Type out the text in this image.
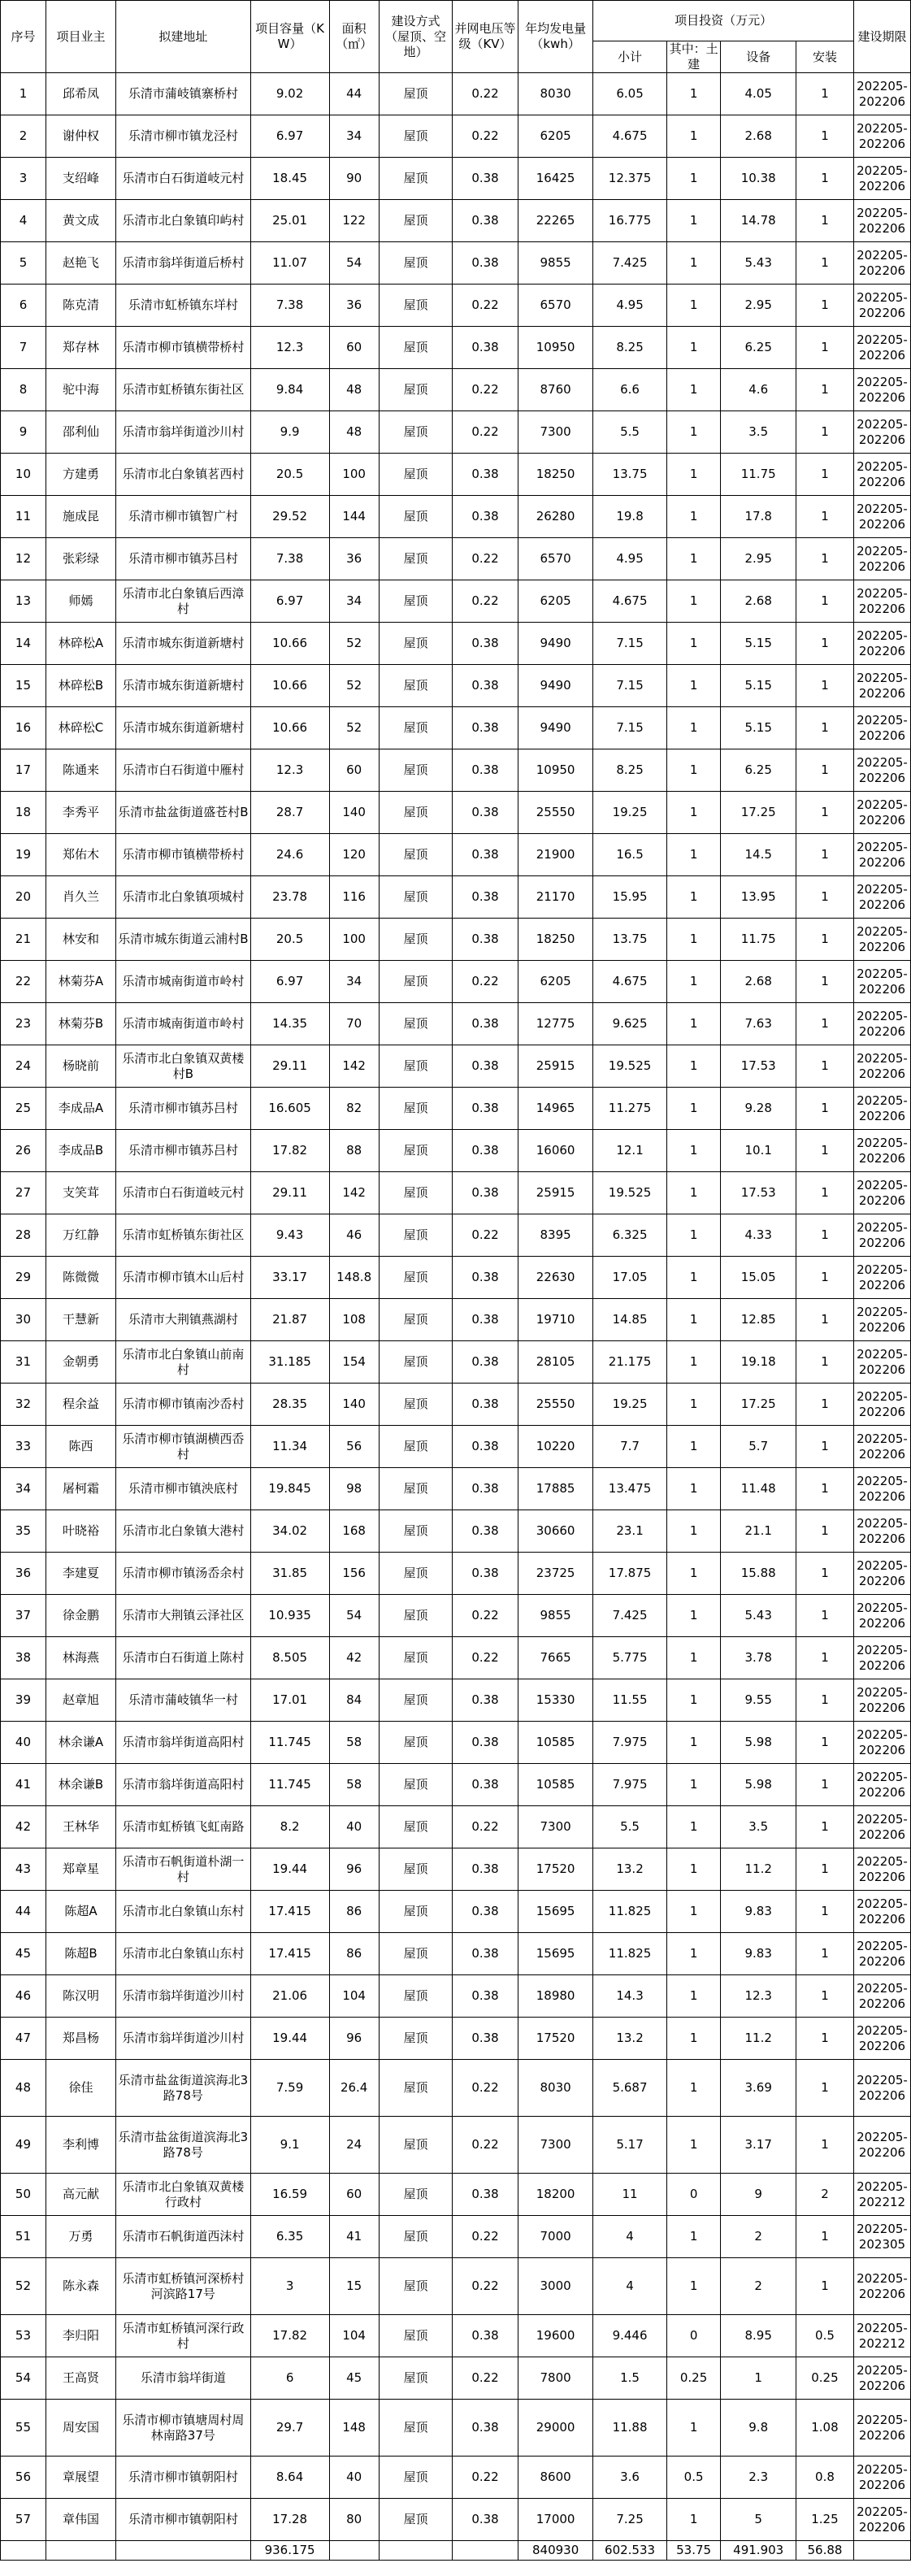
序号	项目业主	拟建地址	项目容量（KW）	面积（㎡）	建设方式（屋顶、空地）	并网电压等级（KV）	年均发电量（kwh）	项目投资（万元）				建设期限
								小计	其中：土建	设备	安装	
1	邱希凤	乐清市蒲岐镇寨桥村	9.02	44	屋顶	0.22	8030	6.05	1	4.05	1	202205-202206
2	谢仲权	乐清市柳市镇龙泾村	6.97	34	屋顶	0.22	6205	4.675	1	2.68	1	202205-202206
3	支绍峰	乐清市白石街道岐元村	18.45	90	屋顶	0.38	16425	12.375	1	10.38	1	202205-202206
4	黄文成	乐清市北白象镇印屿村	25.01	122	屋顶	0.38	22265	16.775	1	14.78	1	202205-202206
5	赵艳飞	乐清市翁垟街道后桥村	11.07	54	屋顶	0.38	9855	7.425	1	5.43	1	202205-202206
6	陈克清	乐清市虹桥镇东垟村	7.38	36	屋顶	0.22	6570	4.95	1	2.95	1	202205-202206
7	郑存林	乐清市柳市镇横带桥村	12.3	60	屋顶	0.38	10950	8.25	1	6.25	1	202205-202206
8	驼中海	乐清市虹桥镇东街社区	9.84	48	屋顶	0.22	8760	6.6	1	4.6	1	202205-202206
9	邵利仙	乐清市翁垟街道沙川村	9.9	48	屋顶	0.22	7300	5.5	1	3.5	1	202205-202206
10	方建勇	乐清市北白象镇茗西村	20.5	100	屋顶	0.38	18250	13.75	1	11.75	1	202205-202206
11	施成昆	乐清市柳市镇智广村	29.52	144	屋顶	0.38	26280	19.8	1	17.8	1	202205-202206
12	张彩绿	乐清市柳市镇苏吕村	7.38	36	屋顶	0.22	6570	4.95	1	2.95	1	202205-202206
13	师嫣	乐清市北白象镇后西漳村	6.97	34	屋顶	0.22	6205	4.675	1	2.68	1	202205-202206
14	林碎松A	乐清市城东街道新塘村	10.66	52	屋顶	0.38	9490	7.15	1	5.15	1	202205-202206
15	林碎松B	乐清市城东街道新塘村	10.66	52	屋顶	0.38	9490	7.15	1	5.15	1	202205-202206
16	林碎松C	乐清市城东街道新塘村	10.66	52	屋顶	0.38	9490	7.15	1	5.15	1	202205-202206
17	陈通来	乐清市白石街道中雁村	12.3	60	屋顶	0.38	10950	8.25	1	6.25	1	202205-202206
18	李秀平	乐清市盐盆街道盛苍村B	28.7	140	屋顶	0.38	25550	19.25	1	17.25	1	202205-202206
19	郑佑木	乐清市柳市镇横带桥村	24.6	120	屋顶	0.38	21900	16.5	1	14.5	1	202205-202206
20	肖久兰	乐清市北白象镇项城村	23.78	116	屋顶	0.38	21170	15.95	1	13.95	1	202205-202206
21	林安和	乐清市城东街道云浦村B	20.5	100	屋顶	0.38	18250	13.75	1	11.75	1	202205-202206
22	林菊芬A	乐清市城南街道市岭村	6.97	34	屋顶	0.22	6205	4.675	1	2.68	1	202205-202206
23	林菊芬B	乐清市城南街道市岭村	14.35	70	屋顶	0.38	12775	9.625	1	7.63	1	202205-202206
24	杨晓前	乐清市北白象镇双黄楼村B	29.11	142	屋顶	0.38	25915	19.525	1	17.53	1	202205-202206
25	李成品A	乐清市柳市镇苏吕村	16.605	82	屋顶	0.38	14965	11.275	1	9.28	1	202205-202206
26	李成品B	乐清市柳市镇苏吕村	17.82	88	屋顶	0.38	16060	12.1	1	10.1	1	202205-202206
27	支笑茸	乐清市白石街道岐元村	29.11	142	屋顶	0.38	25915	19.525	1	17.53	1	202205-202206
28	万红静	乐清市虹桥镇东街社区	9.43	46	屋顶	0.22	8395	6.325	1	4.33	1	202205-202206
29	陈微微	乐清市柳市镇木山后村	33.17	148.8	屋顶	0.38	22630	17.05	1	15.05	1	202205-202206
30	干慧新	乐清市大荆镇燕湖村	21.87	108	屋顶	0.38	19710	14.85	1	12.85	1	202205-202206
31	金朝勇	乐清市北白象镇山前南村	31.185	154	屋顶	0.38	28105	21.175	1	19.18	1	202205-202206
32	程余益	乐清市柳市镇南沙岙村	28.35	140	屋顶	0.38	25550	19.25	1	17.25	1	202205-202206
33	陈西	乐清市柳市镇湖横西岙村	11.34	56	屋顶	0.38	10220	7.7	1	5.7	1	202205-202206
34	屠柯霜	乐清市柳市镇泱底村	19.845	98	屋顶	0.38	17885	13.475	1	11.48	1	202205-202206
35	叶晓裕	乐清市北白象镇大港村	34.02	168	屋顶	0.38	30660	23.1	1	21.1	1	202205-202206
36	李建夏	乐清市柳市镇汤岙余村	31.85	156	屋顶	0.38	23725	17.875	1	15.88	1	202205-202206
37	徐金鹏	乐清市大荆镇云泽社区	10.935	54	屋顶	0.22	9855	7.425	1	5.43	1	202205-202206
38	林海燕	乐清市白石街道上陈村	8.505	42	屋顶	0.22	7665	5.775	1	3.78	1	202205-202206
39	赵章旭	乐清市蒲岐镇华一村	17.01	84	屋顶	0.38	15330	11.55	1	9.55	1	202205-202206
40	林余谦A	乐清市翁垟街道高阳村	11.745	58	屋顶	0.38	10585	7.975	1	5.98	1	202205-202206
41	林余谦B	乐清市翁垟街道高阳村	11.745	58	屋顶	0.38	10585	7.975	1	5.98	1	202205-202206
42	王林华	乐清市虹桥镇飞虹南路	8.2	40	屋顶	0.22	7300	5.5	1	3.5	1	202205-202206
43	郑章星	乐清市石帆街道朴湖一村	19.44	96	屋顶	0.38	17520	13.2	1	11.2	1	202205-202206
44	陈超A	乐清市北白象镇山东村	17.415	86	屋顶	0.38	15695	11.825	1	9.83	1	202205-202206
45	陈超B	乐清市北白象镇山东村	17.415	86	屋顶	0.38	15695	11.825	1	9.83	1	202205-202206
46	陈汉明	乐清市翁垟街道沙川村	21.06	104	屋顶	0.38	18980	14.3	1	12.3	1	202205-202206
47	郑昌杨	乐清市翁垟街道沙川村	19.44	96	屋顶	0.38	17520	13.2	1	11.2	1	202205-202206
48	徐佳	乐清市盐盆街道滨海北3路78号	7.59	26.4	屋顶	0.22	8030	5.687	1	3.69	1	202205-202206
49	李利博	乐清市盐盆街道滨海北3路78号	9.1	24	屋顶	0.22	7300	5.17	1	3.17	1	202205-202206
50	高元献	乐清市北白象镇双黄楼行政村	16.59	60	屋顶	0.38	18200	11	0	9	2	202205-202212
51	万勇	乐清市石帆街道西沫村	6.35	41	屋顶	0.22	7000	4	1	2	1	202205-202305
52	陈永森	乐清市虹桥镇河深桥村河滨路17号	3	15	屋顶	0.22	3000	4	1	2	1	202205-202206
53	李归阳	乐清市虹桥镇河深行政村	17.82	104	屋顶	0.38	19600	9.446	0	8.95	0.5	202205-202212
54	王高贤	乐清市翁垟街道	6	45	屋顶	0.22	7800	1.5	0.25	1	0.25	202205-202206
55	周安国	乐清市柳市镇塘周村周林南路37号	29.7	148	屋顶	0.38	29000	11.88	1	9.8	1.08	202205-202206
56	章展望	乐清市柳市镇朝阳村	8.64	40	屋顶	0.22	8600	3.6	0.5	2.3	0.8	202205-202206
57	章伟国	乐清市柳市镇朝阳村	17.28	80	屋顶	0.38	17000	7.25	1	5	1.25	202205-202206
			936.175				840930	602.533	53.75	491.903	56.88	
